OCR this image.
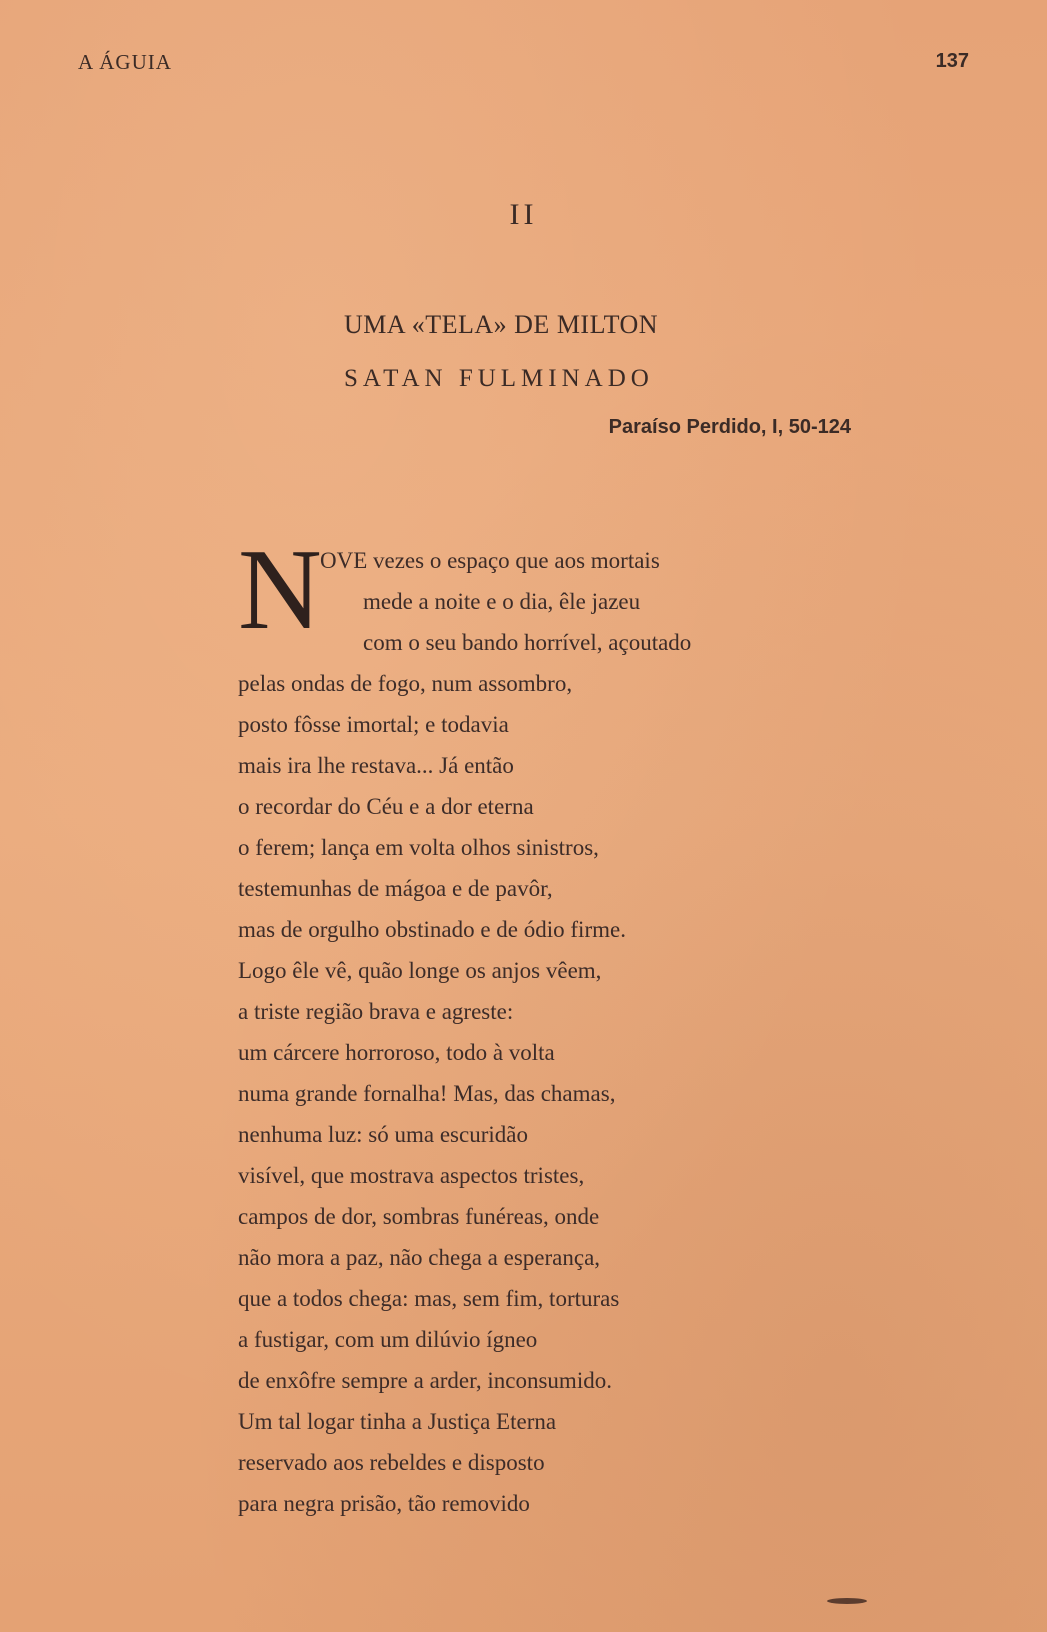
A ÁGUIA	137
II
UMA «TELA» DE MILTON
SATAN FULMINADO
Paraíso Perdido, I, 50-124
N
OVE vezes o espaço que aos mortais
mede a noite e o dia, êle jazeu
com o seu bando horrível, açoutado
pelas ondas de fogo, num assombro,
posto fôsse imortal; e todavia
mais ira lhe restava... Já então
o recordar do Céu e a dor eterna
o ferem; lança em volta olhos sinistros,
testemunhas de mágoa e de pavôr,
mas de orgulho obstinado e de ódio firme.
Logo êle vê, quão longe os anjos vêem,
a triste região brava e agreste:
um cárcere horroroso, todo à volta
numa grande fornalha! Mas, das chamas,
nenhuma luz: só uma escuridão
visível, que mostrava aspectos tristes,
campos de dor, sombras funéreas, onde
não mora a paz, não chega a esperança,
que a todos chega: mas, sem fim, torturas
a fustigar, com um dilúvio ígneo
de enxôfre sempre a arder, inconsumido.
Um tal logar tinha a Justiça Eterna
reservado aos rebeldes e disposto
para negra prisão, tão removido
